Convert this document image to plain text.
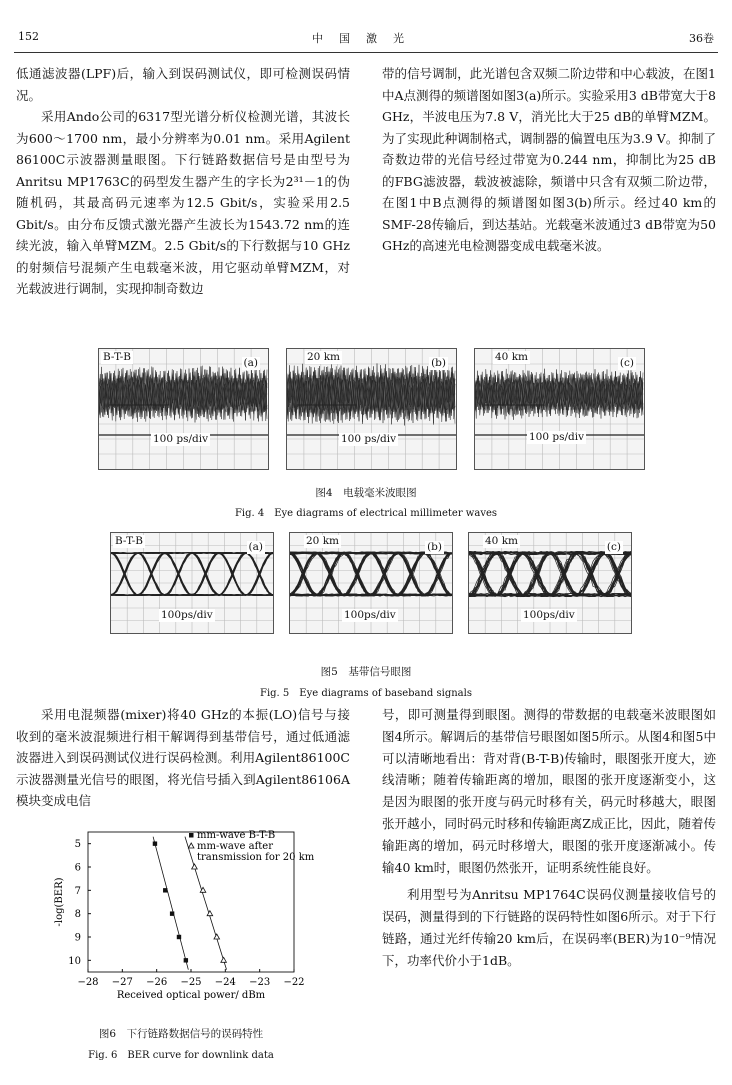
152	中国激光	36卷

低通滤波器(LPF)后，输入到误码测试仪，即可检测误码情况。

采用Ando公司的6317型光谱分析仪检测光谱，其波长为600～1700 nm，最小分辨率为0.01 nm。采用Agilent 86100C示波器测量眼图。下行链路数据信号是由型号为Anritsu MP1763C的码型发生器产生的字长为2³¹－1的伪随机码，其最高码元速率为12.5 Gbit/s，实验采用2.5 Gbit/s。由分布反馈式激光器产生波长为1543.72 nm的连续光波，输入单臂MZM。2.5 Gbit/s的下行数据与10 GHz的射频信号混频产生电载毫米波，用它驱动单臂MZM，对光载波进行调制，实现抑制奇数边

带的信号调制，此光谱包含双频二阶边带和中心载波，在图1中A点测得的频谱图如图3(a)所示。实验采用3 dB带宽大于8 GHz，半波电压为7.8 V，消光比大于25 dB的单臂MZM。为了实现此种调制格式，调制器的偏置电压为3.9 V。抑制了奇数边带的光信号经过带宽为0.244 nm，抑制比为25 dB的FBG滤波器，载波被滤除，频谱中只含有双频二阶边带，在图1中B点测得的频谱图如图3(b)所示。经过40 km的SMF-28传输后，到达基站。光载毫米波通过3 dB带宽为50 GHz的高速光电检测器变成电载毫米波。

B-T-B	(a)
100 ps/div
20 km	(b)
100 ps/div
40 km	(c)
100 ps/div
图4　电载毫米波眼图
Fig. 4　Eye diagrams of electrical millimeter waves
B-T-B	(a)
100ps/div
20 km	(b)
100ps/div
40 km	(c)
100ps/div
图5　基带信号眼图
Fig. 5　Eye diagrams of baseband signals

采用电混频器(mixer)将40 GHz的本振(LO)信号与接收到的毫米波混频进行相干解调得到基带信号，通过低通滤波器进入到误码测试仪进行误码检测。利用Agilent86100C示波器测量光信号的眼图，将光信号插入到Agilent86106A模块变成电信

号，即可测量得到眼图。测得的带数据的电载毫米波眼图如图4所示。解调后的基带信号眼图如图5所示。从图4和图5中可以清晰地看出：背对背(B-T-B)传输时，眼图张开度大，迹线清晰；随着传输距离的增加，眼图的张开度逐渐变小，这是因为眼图的张开度与码元时移有关，码元时移越大，眼图张开越小，同时码元时移和传输距离Z成正比，因此，随着传输距离的增加，码元时移增大，眼图的张开度逐渐减小。传输40 km时，眼图仍然张开，证明系统性能良好。

利用型号为Anritsu MP1764C误码仪测量接收信号的误码，测量得到的下行链路的误码特性如图6所示。对于下行链路，通过光纤传输20 km后，在误码率(BER)为10⁻⁹情况下，功率代价小于1dB。

−28 −27 −26 −25 −24 −23 −22
5
6
7
8
9
10
Received optical power/ dBm
-log(BER)
mm-wave B-T-B
mm-wave after
transmission for 20 km
图6　下行链路数据信号的误码特性
Fig. 6　BER curve for downlink data
